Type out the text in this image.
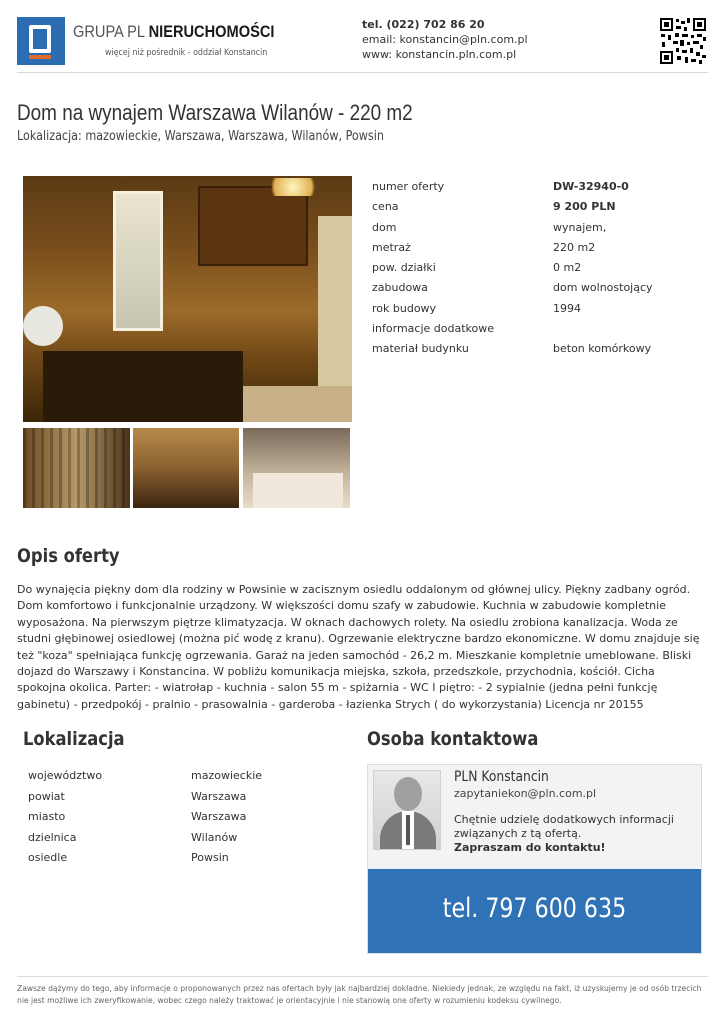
GRUPA PL NIERUCHOMOŚCI
więcej niż pośrednik - oddział Konstancin
tel. (022) 702 86 20
email: konstancin@pln.com.pl
www: konstancin.pln.com.pl
Dom na wynajem Warszawa Wilanów - 220 m2
Lokalizacja: mazowieckie, Warszawa, Warszawa, Wilanów, Powsin
numer oferty	DW-32940-0
cena	9 200 PLN
dom	wynajem,
metraż	220 m2
pow. działki	0 m2
zabudowa	dom wolnostojący
rok budowy	1994
informacje dodatkowe
materiał budynku	beton komórkowy
Opis oferty

Do wynajęcia piękny dom dla rodziny w Powsinie w zacisznym osiedlu oddalonym od głównej ulicy. Piękny zadbany ogród. Dom komfortowo i funkcjonalnie urządzony. W większości domu szafy w zabudowie. Kuchnia w zabudowie kompletnie wyposażona. Na pierwszym piętrze klimatyzacja. W oknach dachowych rolety. Na osiedlu zrobiona kanalizacja. Woda ze studni głębinowej osiedlowej (można pić wodę z kranu). Ogrzewanie elektryczne bardzo ekonomiczne. W domu znajduje się też "koza" spełniająca funkcję ogrzewania. Garaż na jeden samochód - 26,2 m. Mieszkanie kompletnie umeblowane. Bliski dojazd do Warszawy i Konstancina. W pobliżu komunikacja miejska, szkoła, przedszkole, przychodnia, kościół. Cicha spokojna okolica. Parter: - wiatrołap - kuchnia - salon 55 m - spiżarnia - WC I piętro: - 2 sypialnie (jedna pełni funkcję gabinetu) - przedpokój - pralnio - prasowalnia - garderoba - łazienka Strych ( do wykorzystania) Licencja nr 20155

Lokalizacja
województwo	mazowieckie
powiat	Warszawa
miasto	Warszawa
dzielnica	Wilanów
osiedle	Powsin
Osoba kontaktowa
PLN Konstancin
zapytaniekon@pln.com.pl
Chętnie udzielę dodatkowych informacji związanych z tą ofertą.
Zapraszam do kontaktu!
tel. 797 600 635

Zawsze dążymy do tego, aby informacje o proponowanych przez nas ofertach były jak najbardziej dokładne. Niekiedy jednak, ze względu na fakt, iż uzyskujemy je od osób trzecich nie jest możliwe ich zweryfikowanie, wobec czego należy traktować je orientacyjnie i nie stanowią one oferty w rozumieniu kodeksu cywilnego.
